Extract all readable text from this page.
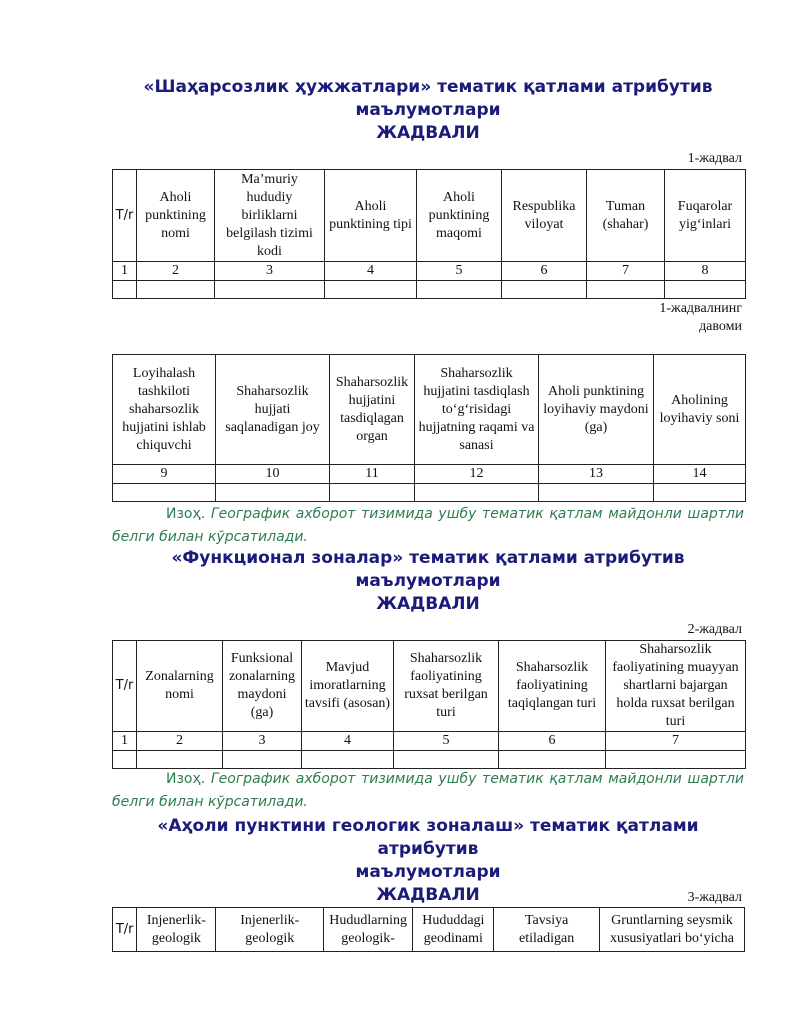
«Шаҳарсозлик ҳужжатлари» тематик қатлами атрибутив
маълумотлари
ЖАДВАЛИ
1-жадвал
T/r	Aholi punktining nomi	Ma’muriy hududiy birliklarni belgilash tizimi kodi	Aholi punktining tipi	Aholi punktining maqomi	Respublika viloyat	Tuman (shahar)	Fuqarolar yig‘inlari
1	2	3	4	5	6	7	8

1-жадвалнинг давоми
Loyihalash tashkiloti shaharsozlik hujjatini ishlab chiquvchi	Shaharsozlik hujjati saqlanadigan joy	Shaharsozlik hujjatini tasdiqlagan organ	Shaharsozlik hujjatini tasdiqlash to‘g‘risidagi hujjatning raqami va sanasi	Aholi punktining loyihaviy maydoni (ga)	Aholining loyihaviy soni
9	10	11	12	13	14

Изоҳ. Географик ахборот тизимида ушбу тематик қатлам майдонли шартли белги билан кўрсатилади.
«Функционал зоналар» тематик қатлами атрибутив
маълумотлари
ЖАДВАЛИ
2-жадвал
T/r	Zonalarning nomi	Funksional zonalarning maydoni (ga)	Mavjud imoratlarning tavsifi (asosan)	Shaharsozlik faoliyatining ruxsat berilgan turi	Shaharsozlik faoliyatining taqiqlangan turi	Shaharsozlik faoliyatining muayyan shartlarni bajargan holda ruxsat berilgan turi
1	2	3	4	5	6	7

Изоҳ. Географик ахборот тизимида ушбу тематик қатлам майдонли шартли белги билан кўрсатилади.
«Аҳоли пунктини геологик зоналаш» тематик қатлами атрибутив
маълумотлари
ЖАДВАЛИ	3-жадвал
T/r	Injenerlik-geologik	Injenerlik-geologik	Hududlarning geologik-	Hududdagi geodinami	Tavsiya etiladigan	Gruntlarning seysmik xususiyatlari bo‘yicha
